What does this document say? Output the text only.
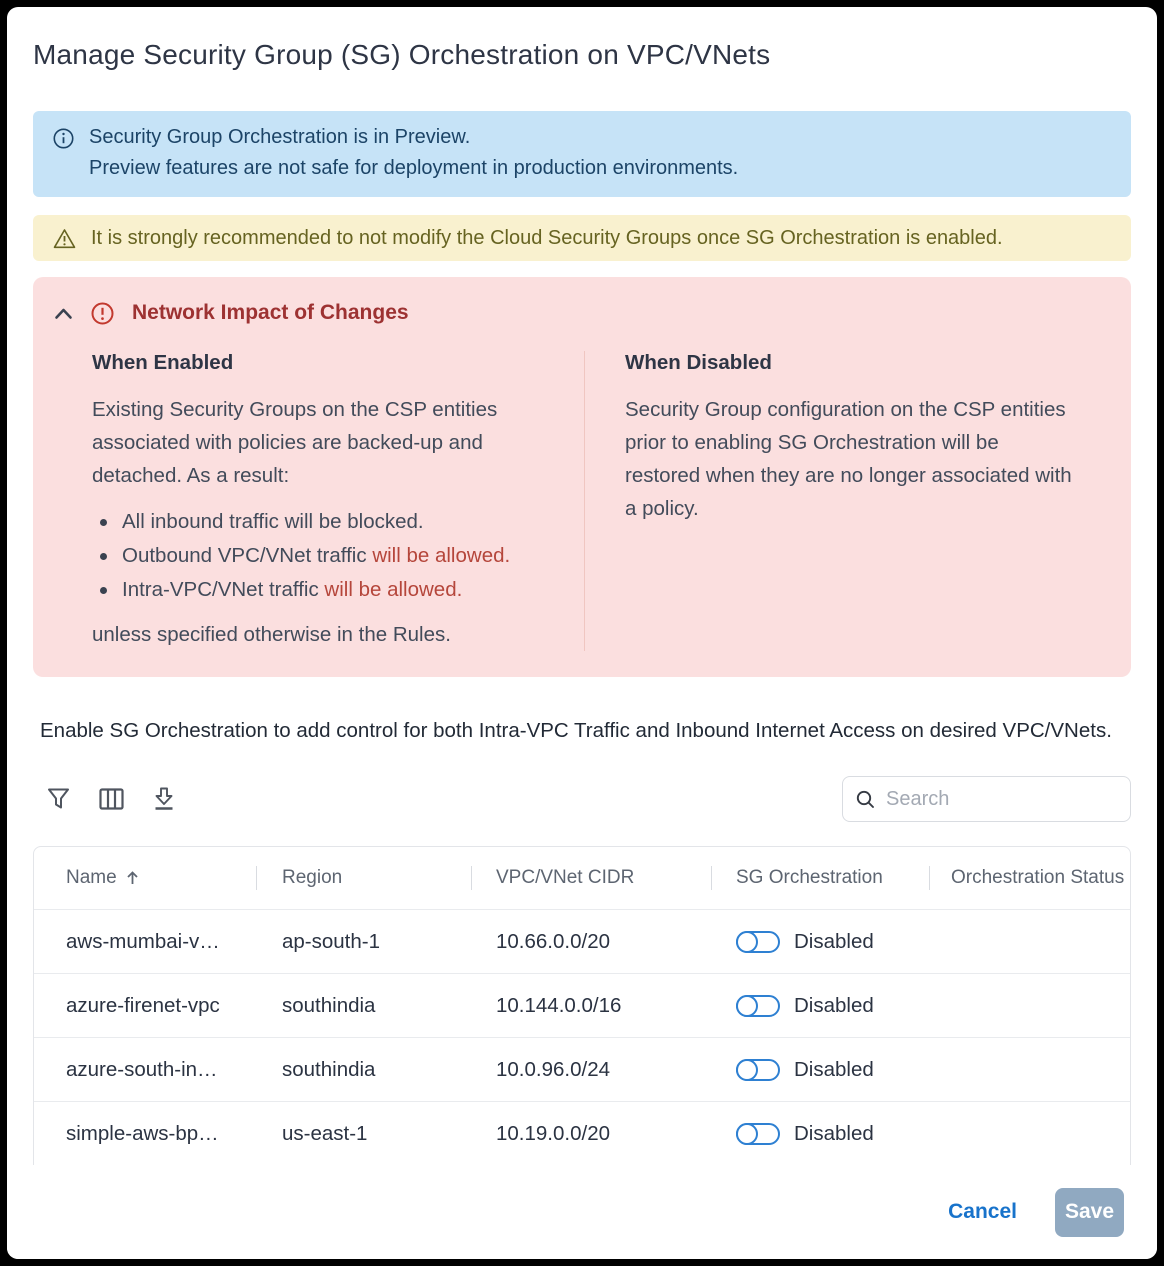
Manage Security Group (SG) Orchestration on VPC/VNets
Security Group Orchestration is in Preview.
Preview features are not safe for deployment in production environments.
It is strongly recommended to not modify the Cloud Security Groups once SG Orchestration is enabled.
Network Impact of Changes
When Enabled
Existing Security Groups on the CSP entities associated with policies are backed-up and detached. As a result:
All inbound traffic will be blocked.
Outbound VPC/VNet traffic will be allowed.
Intra-VPC/VNet traffic will be allowed.
unless specified otherwise in the Rules.
When Disabled
Security Group configuration on the CSP entities prior to enabling SG Orchestration will be restored when they are no longer associated with a policy.
Enable SG Orchestration to add control for both Intra-VPC Traffic and Inbound Internet Access on desired VPC/VNets.
Search
Name	Region	VPC/VNet CIDR	SG Orchestration	Orchestration Status
aws-mumbai-v…	ap-south-1	10.66.0.0/20	Disabled
azure-firenet-vpc	southindia	10.144.0.0/16	Disabled
azure-south-in…	southindia	10.0.96.0/24	Disabled
simple-aws-bp…	us-east-1	10.19.0.0/20	Disabled
Cancel	Save
